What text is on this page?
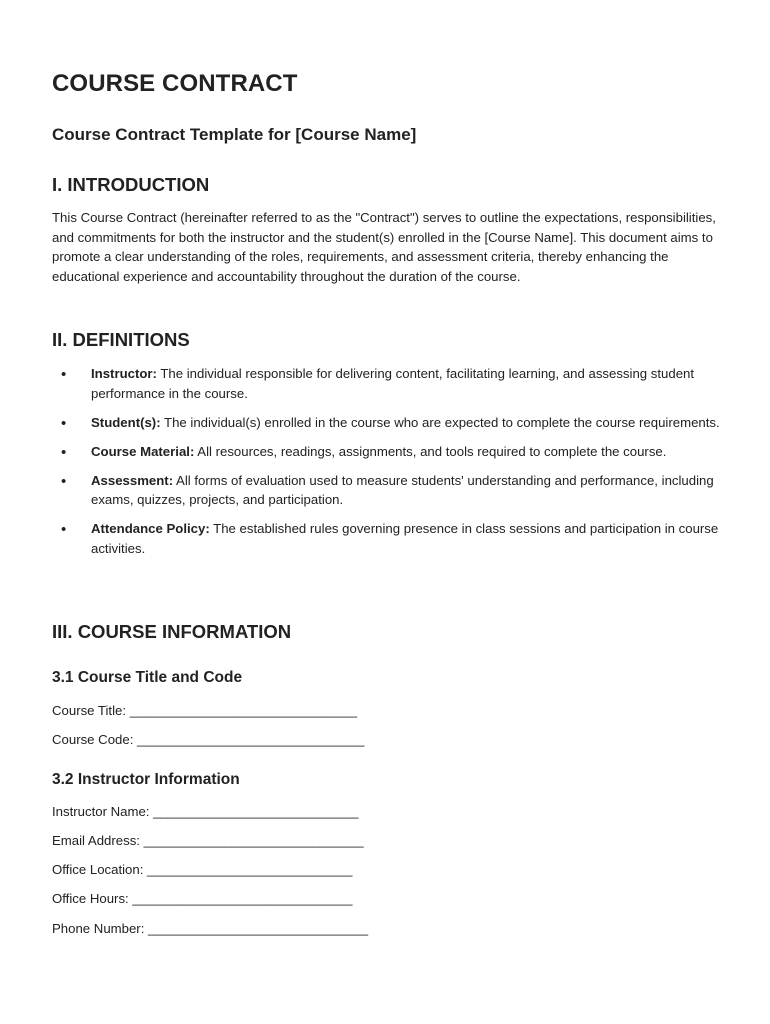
COURSE CONTRACT
Course Contract Template for [Course Name]
I. INTRODUCTION

This Course Contract (hereinafter referred to as the "Contract") serves to outline the expectations, responsibilities, and commitments for both the instructor and the student(s) enrolled in the [Course Name]. This document aims to promote a clear understanding of the roles, requirements, and assessment criteria, thereby enhancing the educational experience and accountability throughout the duration of the course.

II. DEFINITIONS
• Instructor: The individual responsible for delivering content, facilitating learning, and assessing student performance in the course.
• Student(s): The individual(s) enrolled in the course who are expected to complete the course requirements.
• Course Material: All resources, readings, assignments, and tools required to complete the course.
• Assessment: All forms of evaluation used to measure students' understanding and performance, including exams, quizzes, projects, and participation.
• Attendance Policy: The established rules governing presence in class sessions and participation in course activities.
III. COURSE INFORMATION
3.1 Course Title and Code

Course Title: _______________________________

Course Code: _______________________________

3.2 Instructor Information

Instructor Name: ____________________________

Email Address: ______________________________

Office Location: ____________________________

Office Hours: ______________________________

Phone Number: ______________________________
